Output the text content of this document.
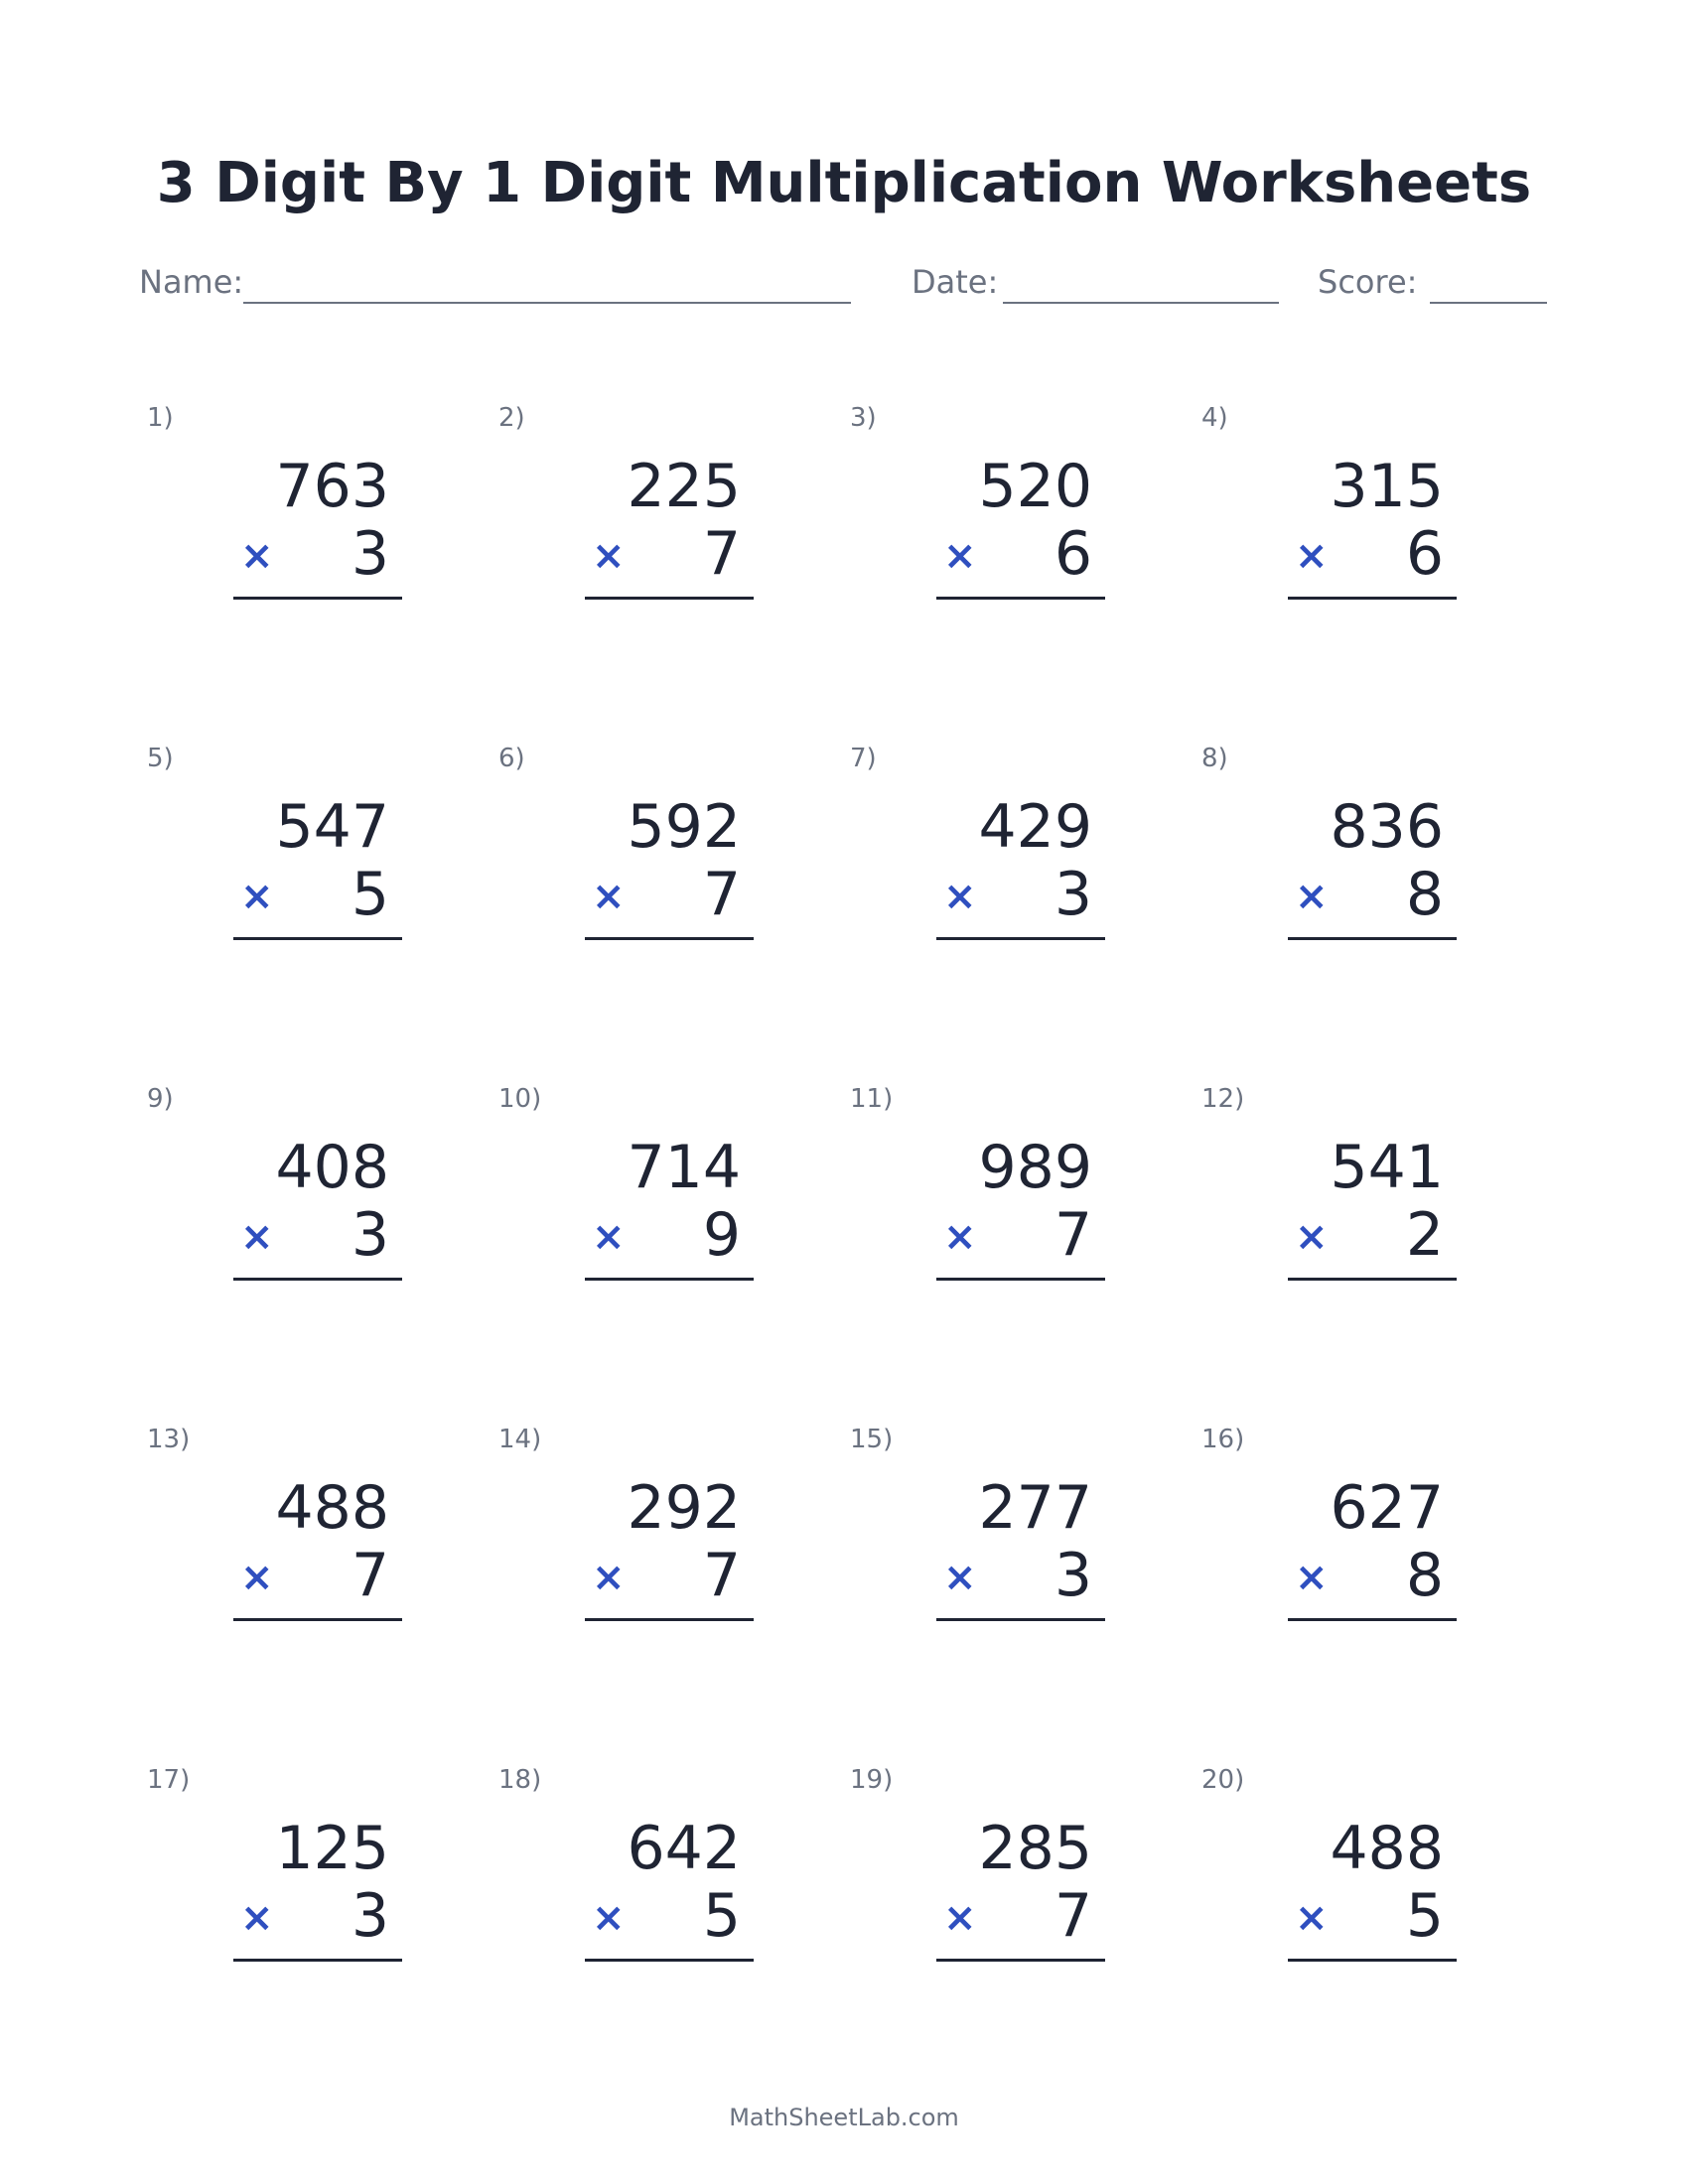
3 Digit By 1 Digit Multiplication Worksheets
Name:	Date:	Score:
1)
763
× 3
2)
225
× 7
3)
520
× 6
4)
315
× 6
5)
547
× 5
6)
592
× 7
7)
429
× 3
8)
836
× 8
9)
408
× 3
10)
714
× 9
11)
989
× 7
12)
541
× 2
13)
488
× 7
14)
292
× 7
15)
277
× 3
16)
627
× 8
17)
125
× 3
18)
642
× 5
19)
285
× 7
20)
488
× 5
MathSheetLab.com
